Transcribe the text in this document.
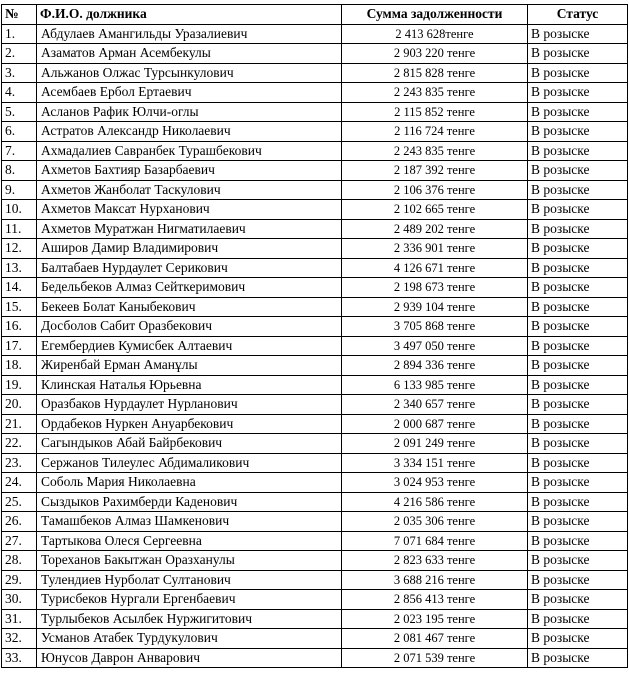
№	Ф.И.О. должника	Сумма задолженности	Статус
1.	Абдулаев Амангильды Уразалиевич	2 413 628тенге	В розыске
2.	Азаматов Арман Асембекулы	2 903 220 тенге	В розыске
3.	Альжанов Олжас Турсынкулович	2 815 828 тенге	В розыске
4.	Асембаев Ербол Ертаевич	2 243 835 тенге	В розыске
5.	Асланов Рафик Юлчи-оглы	2 115 852 тенге	В розыске
6.	Астратов Александр Николаевич	2 116 724 тенге	В розыске
7.	Ахмадалиев Савранбек Турашбекович	2 243 835 тенге	В розыске
8.	Ахметов Бахтияр Базарбаевич	2 187 392 тенге	В розыске
9.	Ахметов Жанболат Таскулович	2 106 376 тенге	В розыске
10.	Ахметов Максат Нурханович	2 102 665 тенге	В розыске
11.	Ахметов Муратжан Нигматилаевич	2 489 202 тенге	В розыске
12.	Аширов Дамир Владимирович	2 336 901 тенге	В розыске
13.	Балтабаев Нурдаулет Серикович	4 126 671 тенге	В розыске
14.	Бедельбеков Алмаз Сейткеримович	2 198 673 тенге	В розыске
15.	Бекеев Болат Каныбекович	2 939 104 тенге	В розыске
16.	Досболов Сабит Оразбекович	3 705 868 тенге	В розыске
17.	Егембердиев Кумисбек Алтаевич	3 497 050 тенге	В розыске
18.	Жиренбай Ерман Аманұлы	2 894 336 тенге	В розыске
19.	Клинская Наталья Юрьевна	6 133 985 тенге	В розыске
20.	Оразбаков Нурдаулет Нурланович	2 340 657 тенге	В розыске
21.	Ордабеков Нуркен Ануарбекович	2 000 687 тенге	В розыске
22.	Сагындыков Абай Байрбекович	2 091 249 тенге	В розыске
23.	Сержанов Тилеулес Абдималикович	3 334 151 тенге	В розыске
24.	Соболь Мария Николаевна	3 024 953 тенге	В розыске
25.	Сыздыков Рахимберди Каденович	4 216 586 тенге	В розыске
26.	Тамашбеков Алмаз Шамкенович	2 035 306 тенге	В розыске
27.	Тартыкова Олеся Сергеевна	7 071 684 тенге	В розыске
28.	Тореханов Бакытжан Оразханулы	2 823 633 тенге	В розыске
29.	Тулендиев Нурболат Султанович	3 688 216 тенге	В розыске
30.	Турисбеков Нургали Ергенбаевич	2 856 413 тенге	В розыске
31.	Турлыбеков Асылбек Нуржигитович	2 023 195 тенге	В розыске
32.	Усманов Атабек Турдукулович	2 081 467 тенге	В розыске
33.	Юнусов Даврон Анварович	2 071 539 тенге	В розыске
